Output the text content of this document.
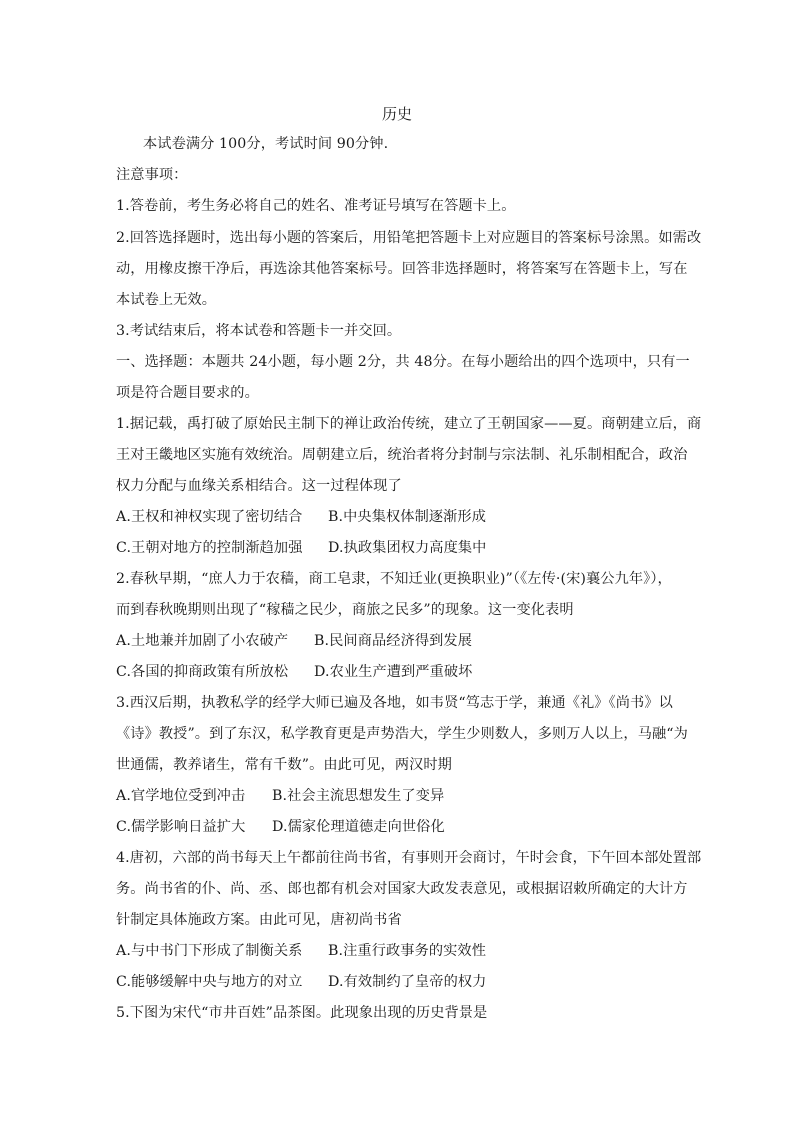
历史
本试卷满分 100分，考试时间 90分钟.
注意事项：
1.答卷前，考生务必将自己的姓名、准考证号填写在答题卡上。
2.回答选择题时，选出每小题的答案后，用铅笔把答题卡上对应题目的答案标号涂黑。如需改
动，用橡皮擦干净后，再选涂其他答案标号。回答非选择题时，将答案写在答题卡上，写在
本试卷上无效。
3.考试结束后，将本试卷和答题卡一并交回。
一、选择题：本题共 24小题，每小题 2分，共 48分。在每小题给出的四个选项中，只有一
项是符合题目要求的。
1.据记载，禹打破了原始民主制下的禅让政治传统，建立了王朝国家——夏。商朝建立后，商
王对王畿地区实施有效统治。周朝建立后，统治者将分封制与宗法制、礼乐制相配合，政治
权力分配与血缘关系相结合。这一过程体现了
A.王权和神权实现了密切结合 B.中央集权体制逐渐形成
C.王朝对地方的控制渐趋加强 D.执政集团权力高度集中
2.春秋早期，“庶人力于农穑，商工皂隶，不知迁业(更换职业)”（《左传·(宋)襄公九年》），
而到春秋晚期则出现了“稼穑之民少，商旅之民多”的现象。这一变化表明
A.土地兼并加剧了小农破产 B.民间商品经济得到发展
C.各国的抑商政策有所放松 D.农业生产遭到严重破坏
3.西汉后期，执教私学的经学大师已遍及各地，如韦贤“笃志于学，兼通《礼》《尚书》以
《诗》教授”。到了东汉，私学教育更是声势浩大，学生少则数人，多则万人以上，马融“为
世通儒，教养诸生，常有千数”。由此可见，两汉时期
A.官学地位受到冲击 B.社会主流思想发生了变异
C.儒学影响日益扩大 D.儒家伦理道德走向世俗化
4.唐初，六部的尚书每天上午都前往尚书省，有事则开会商讨，午时会食，下午回本部处置部
务。尚书省的仆、尚、丞、郎也都有机会对国家大政发表意见，或根据诏敕所确定的大计方
针制定具体施政方案。由此可见，唐初尚书省
A.与中书门下形成了制衡关系 B.注重行政事务的实效性
C.能够缓解中央与地方的对立 D.有效制约了皇帝的权力
5.下图为宋代“市井百姓”品茶图。此现象出现的历史背景是
